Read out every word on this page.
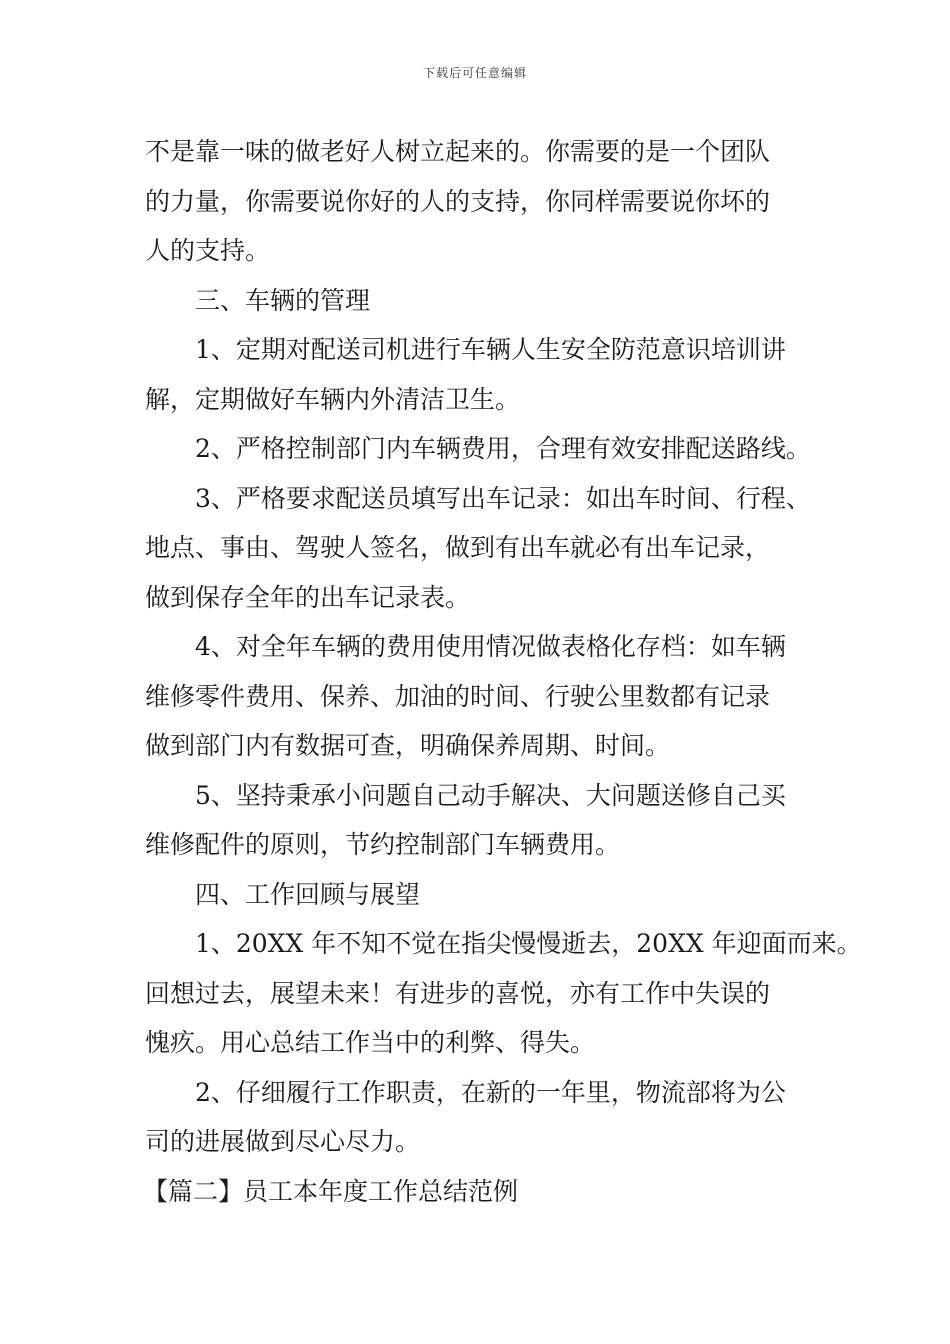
下载后可任意编辑
不是靠一味的做老好人树立起来的。你需要的是一个团队
的力量，你需要说你好的人的支持，你同样需要说你坏的
人的支持。
三、车辆的管理
1、定期对配送司机进行车辆人生安全防范意识培训讲
解，定期做好车辆内外清洁卫生。
2、严格控制部门内车辆费用，合理有效安排配送路线。
3、严格要求配送员填写出车记录：如出车时间、行程、
地点、事由、驾驶人签名，做到有出车就必有出车记录，
做到保存全年的出车记录表。
4、对全年车辆的费用使用情况做表格化存档：如车辆
维修零件费用、保养、加油的时间、行驶公里数都有记录
做到部门内有数据可查，明确保养周期、时间。
5、坚持秉承小问题自己动手解决、大问题送修自己买
维修配件的原则，节约控制部门车辆费用。
四、工作回顾与展望
1、20XX 年不知不觉在指尖慢慢逝去，20XX 年迎面而来。
回想过去，展望未来！有进步的喜悦，亦有工作中失误的
愧疚。用心总结工作当中的利弊、得失。
2、仔细履行工作职责，在新的一年里，物流部将为公
司的进展做到尽心尽力。
【篇二】员工本年度工作总结范例
